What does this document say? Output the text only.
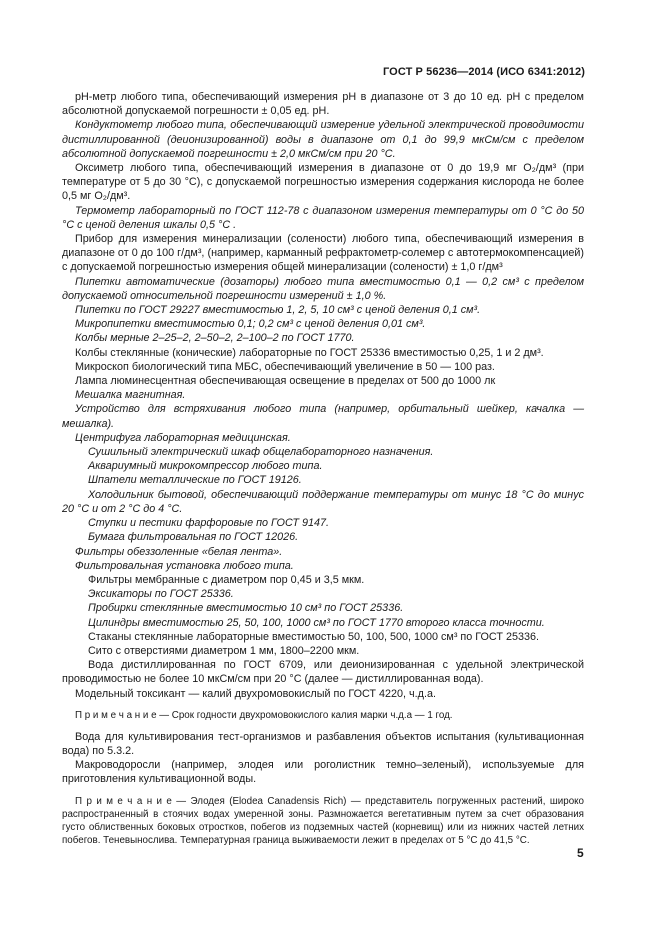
ГОСТ Р 56236—2014 (ИСО 6341:2012)

pH-метр любого типа, обеспечивающий измерения pH в диапазоне от 3 до 10 ед. pH с пределом абсолютной допускаемой погрешности ± 0,05 ед. pH.

Кондуктометр любого типа, обеспечивающий измерение удельной электрической проводимости дистиллированной (деионизированной) воды в диапазоне от 0,1 до 99,9 мкСм/см с пределом абсолютной допускаемой погрешности ± 2,0 мкСм/см при 20 °С.

Оксиметр любого типа, обеспечивающий измерения в диапазоне от 0 до 19,9 мг O₂/дм³ (при температуре от 5 до 30 °С), с допускаемой погрешностью измерения содержания кислорода не более 0,5 мг O₂/дм³.

Термометр лабораторный по ГОСТ 112-78 с диапазоном измерения температуры от 0 °С до 50 °С с ценой деления шкалы 0,5 °С .

Прибор для измерения минерализации (солености) любого типа, обеспечивающий измерения в диапазоне от 0 до 100 г/дм³, (например, карманный рефрактометр-солемер с автотермокомпенсацией) с допускаемой погрешностью измерения общей минерализации (солености) ± 1,0 г/дм³

Пипетки автоматические (дозаторы) любого типа вместимостью 0,1 — 0,2 см³ с пределом допускаемой относительной погрешности измерений ± 1,0 %.

Пипетки по ГОСТ 29227 вместимостью 1, 2, 5, 10 см³ с ценой деления 0,1 см³.

Микропипетки вместимостью 0,1; 0,2 см³ с ценой деления 0,01 см³.

Колбы мерные 2–25–2, 2–50–2, 2–100–2 по ГОСТ 1770.

Колбы стеклянные (конические) лабораторные по ГОСТ 25336 вместимостью 0,25, 1 и 2 дм³.

Микроскоп биологический типа МБС, обеспечивающий увеличение в 50 — 100 раз.

Лампа люминесцентная обеспечивающая освещение в пределах от 500 до 1000 лк

Мешалка магнитная.

Устройство для встряхивания любого типа (например, орбитальный шейкер, качалка — мешалка).

Центрифуга лабораторная медицинская.

Сушильный электрический шкаф общелабораторного назначения.

Аквариумный микрокомпрессор любого типа.

Шпатели металлические по ГОСТ 19126.

Холодильник бытовой, обеспечивающий поддержание температуры от минус 18 °С до минус 20 °С и от 2 °С до 4 °С.

Ступки и пестики фарфоровые по ГОСТ 9147.

Бумага фильтровальная по ГОСТ 12026.

Фильтры обеззоленные «белая лента».

Фильтровальная установка любого типа.

Фильтры мембранные с диаметром пор 0,45 и 3,5 мкм.

Эксикаторы по ГОСТ 25336.

Пробирки стеклянные вместимостью 10 см³ по ГОСТ 25336.

Цилиндры вместимостью 25, 50, 100, 1000 см³ по ГОСТ 1770 второго класса точности.

Стаканы стеклянные лабораторные вместимостью 50, 100, 500, 1000 см³ по ГОСТ 25336.

Сито с отверстиями диаметром 1 мм, 1800–2200 мкм.

Вода дистиллированная по ГОСТ 6709, или деионизированная с удельной электрической проводимостью не более 10 мкСм/см при 20 °С (далее — дистиллированная вода).

Модельный токсикант — калий двухромовокислый по ГОСТ 4220, ч.д.а.

П р и м е ч а н и е — Срок годности двухромовокислого калия марки ч.д.а — 1 год.

Вода для культивирования тест-организмов и разбавления объектов испытания (культивационная вода) по 5.3.2.

Макроводоросли (например, элодея или роголистник темно–зеленый), используемые для приготовления культивационной воды.

П р и м е ч а н и е — Элодея (Elodea Canadensis Rich) — представитель погруженных растений, широко распространенный в стоячих водах умеренной зоны. Размножается вегетативным путем за счет образования густо облиственных боковых отростков, побегов из подземных частей (корневищ) или из нижних частей летних побегов. Теневынослива. Температурная граница выживаемости лежит в пределах от 5 °С до 41,5 °С.

5
